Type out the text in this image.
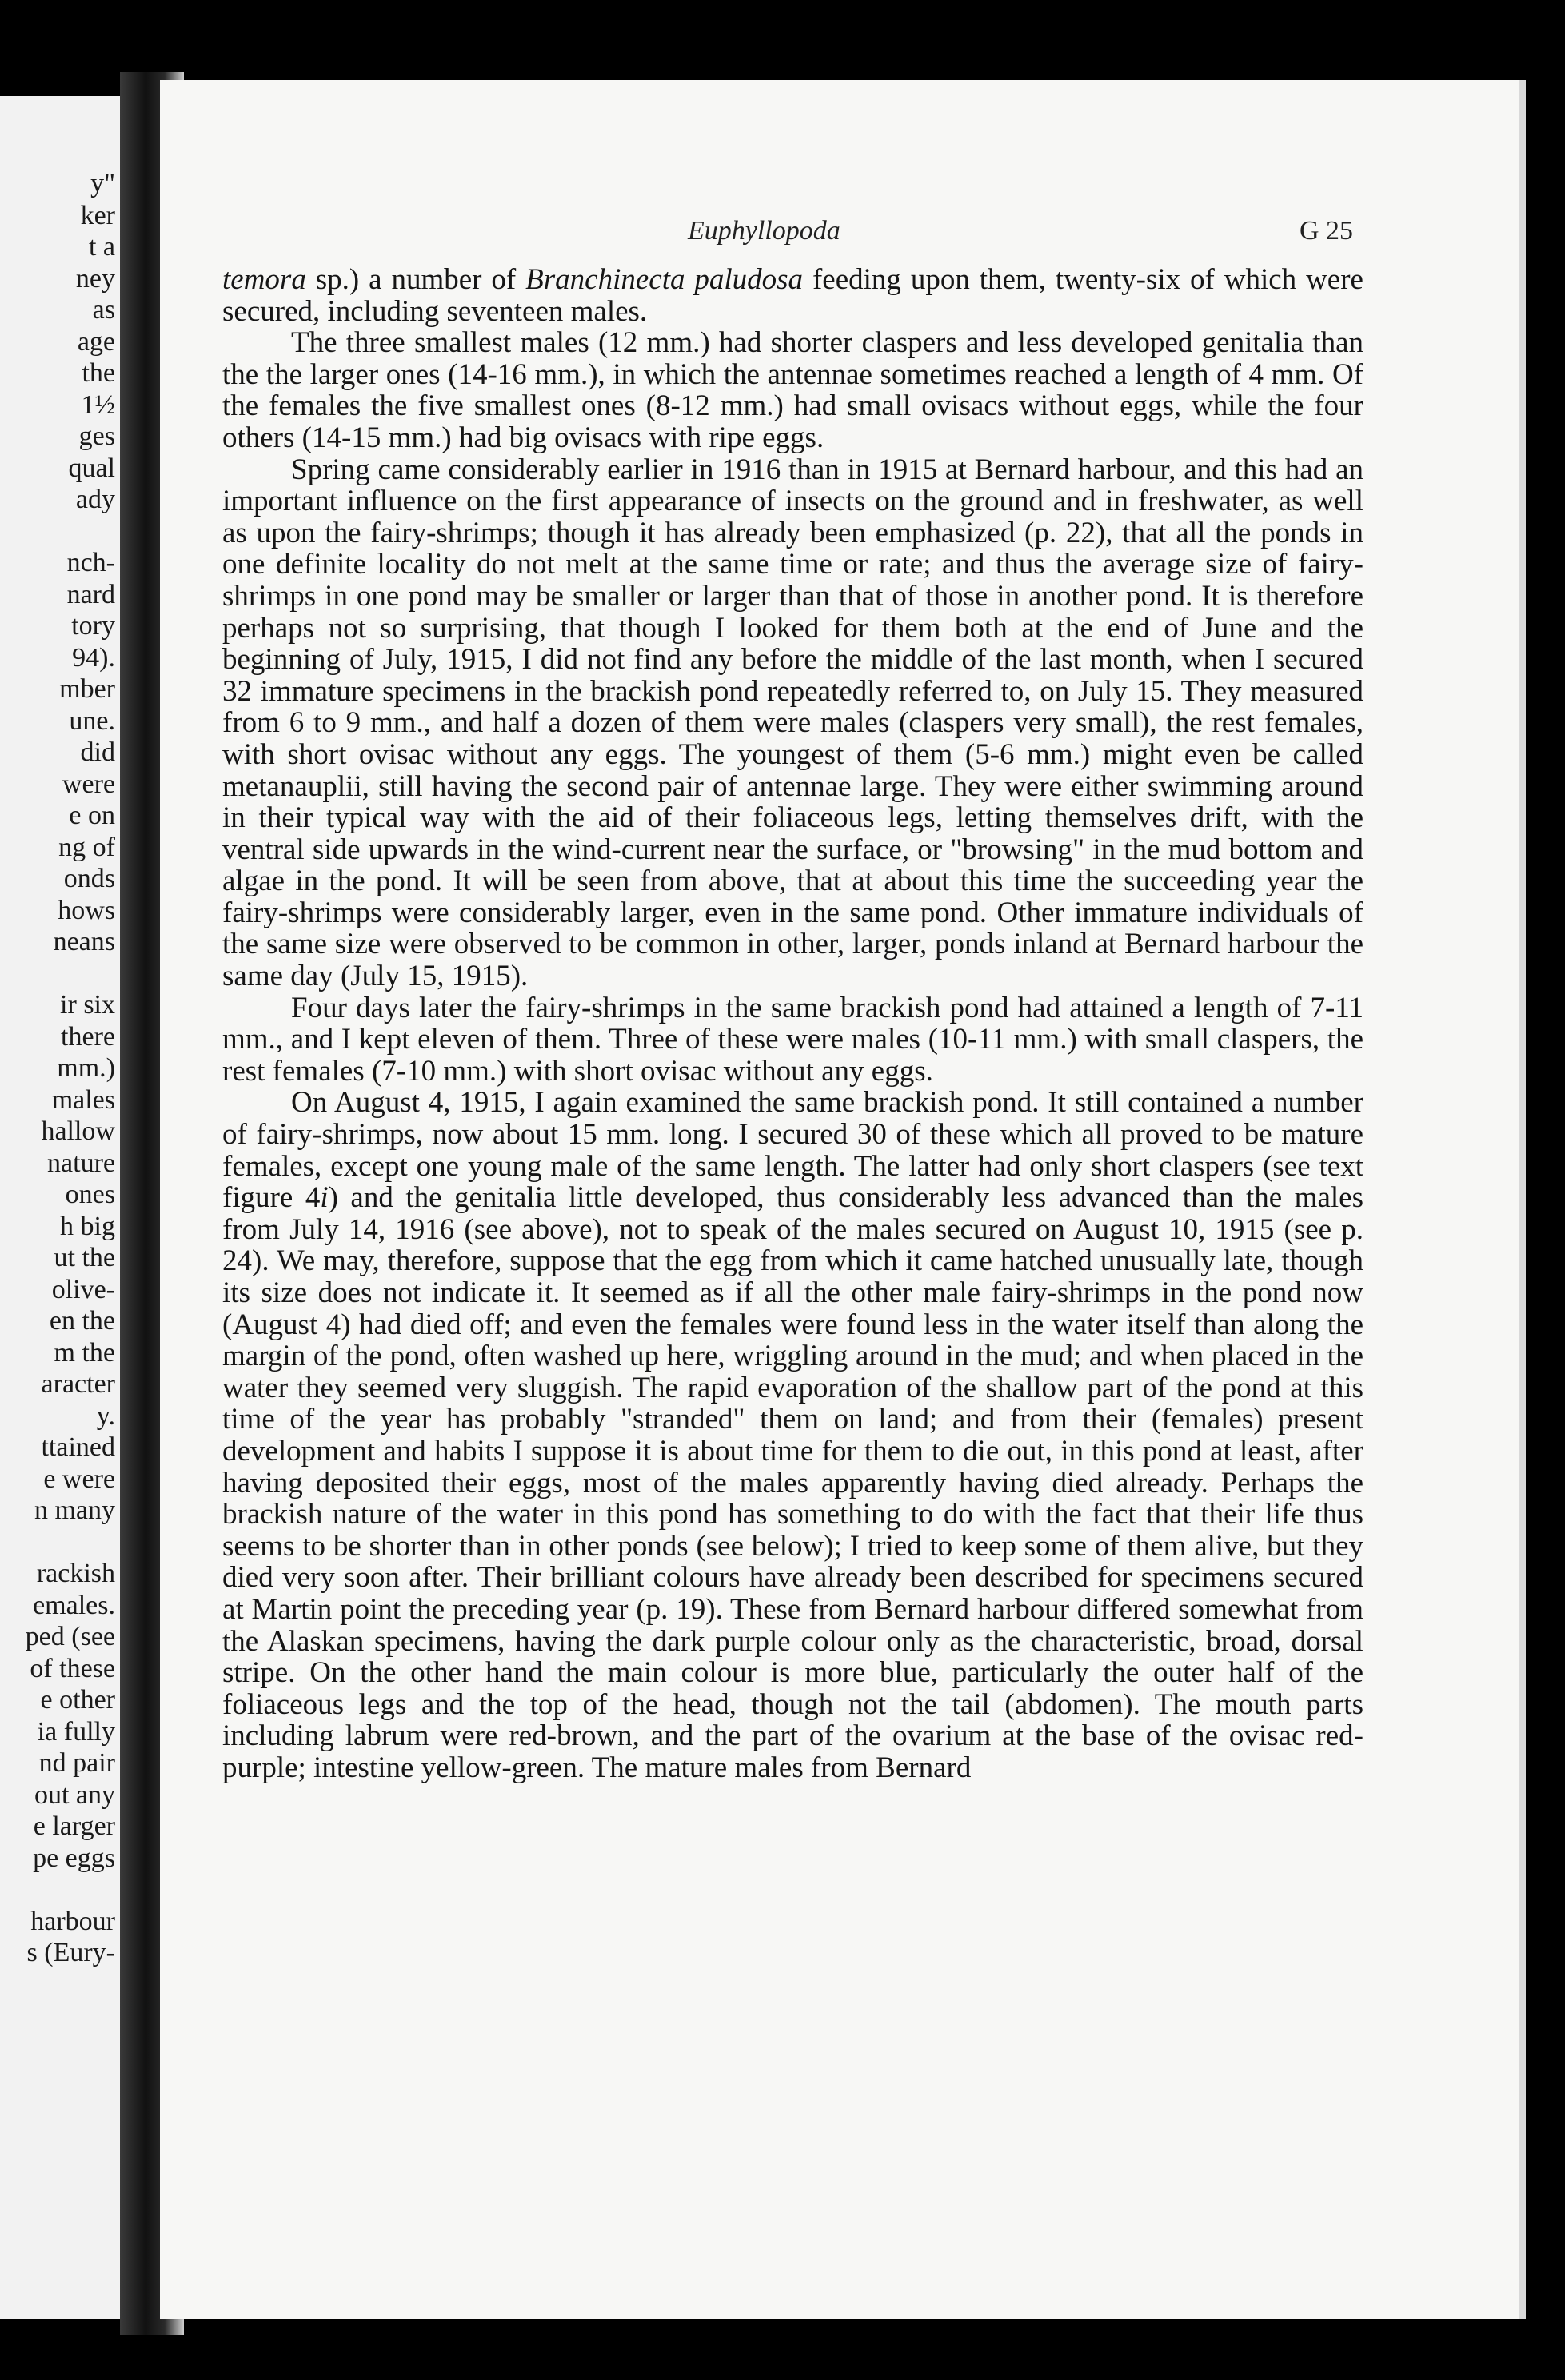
y"
ker
t a
ney
as
age
the
1½
ges
qual
ady
nch-
nard
tory
94).
mber
une.
did
were
e on
ng of
onds
hows
neans
ir six
there
mm.)
males
hallow
nature
ones
h big
ut the
olive-
en the
m the
aracter
y.
ttained
e were
n many
rackish
emales.
ped (see
of these
e other
ia fully
nd pair
out any
e larger
pe eggs
harbour
s (Eury-
Euphyllopoda	G 25

temora sp.) a number of Branchinecta paludosa feeding upon them, twenty-six of which were secured, including seventeen males.

The three smallest males (12 mm.) had shorter claspers and less developed genitalia than the the larger ones (14-16 mm.), in which the antennae sometimes reached a length of 4 mm. Of the females the five smallest ones (8-12 mm.) had small ovisacs without eggs, while the four others (14-15 mm.) had big ovisacs with ripe eggs.

Spring came considerably earlier in 1916 than in 1915 at Bernard harbour, and this had an important influence on the first appearance of insects on the ground and in freshwater, as well as upon the fairy-shrimps; though it has already been emphasized (p. 22), that all the ponds in one definite locality do not melt at the same time or rate; and thus the average size of fairy-shrimps in one pond may be smaller or larger than that of those in another pond. It is therefore perhaps not so surprising, that though I looked for them both at the end of June and the beginning of July, 1915, I did not find any before the middle of the last month, when I secured 32 immature specimens in the brackish pond repeatedly referred to, on July 15. They measured from 6 to 9 mm., and half a dozen of them were males (claspers very small), the rest females, with short ovisac without any eggs. The youngest of them (5-6 mm.) might even be called metanauplii, still having the second pair of antennae large. They were either swimming around in their typical way with the aid of their foliaceous legs, letting themselves drift, with the ventral side upwards in the wind-current near the surface, or "browsing" in the mud bottom and algae in the pond. It will be seen from above, that at about this time the succeeding year the fairy-shrimps were considerably larger, even in the same pond. Other immature individuals of the same size were observed to be common in other, larger, ponds inland at Bernard harbour the same day (July 15, 1915).

Four days later the fairy-shrimps in the same brackish pond had attained a length of 7-11 mm., and I kept eleven of them. Three of these were males (10-11 mm.) with small claspers, the rest females (7-10 mm.) with short ovisac without any eggs.

On August 4, 1915, I again examined the same brackish pond. It still contained a number of fairy-shrimps, now about 15 mm. long. I secured 30 of these which all proved to be mature females, except one young male of the same length. The latter had only short claspers (see text figure 4i) and the genitalia little developed, thus considerably less advanced than the males from July 14, 1916 (see above), not to speak of the males secured on August 10, 1915 (see p. 24). We may, therefore, suppose that the egg from which it came hatched unusually late, though its size does not indicate it. It seemed as if all the other male fairy-shrimps in the pond now (August 4) had died off; and even the females were found less in the water itself than along the margin of the pond, often washed up here, wriggling around in the mud; and when placed in the water they seemed very sluggish. The rapid evaporation of the shallow part of the pond at this time of the year has probably "stranded" them on land; and from their (females) present development and habits I suppose it is about time for them to die out, in this pond at least, after having deposited their eggs, most of the males apparently having died already. Perhaps the brackish nature of the water in this pond has something to do with the fact that their life thus seems to be shorter than in other ponds (see below); I tried to keep some of them alive, but they died very soon after. Their brilliant colours have already been described for specimens secured at Martin point the preceding year (p. 19). These from Bernard harbour differed somewhat from the Alaskan specimens, having the dark purple colour only as the characteristic, broad, dorsal stripe. On the other hand the main colour is more blue, particularly the outer half of the foliaceous legs and the top of the head, though not the tail (abdomen). The mouth parts including labrum were red-brown, and the part of the ovarium at the base of the ovisac red-purple; intestine yellow-green. The mature males from Bernard
